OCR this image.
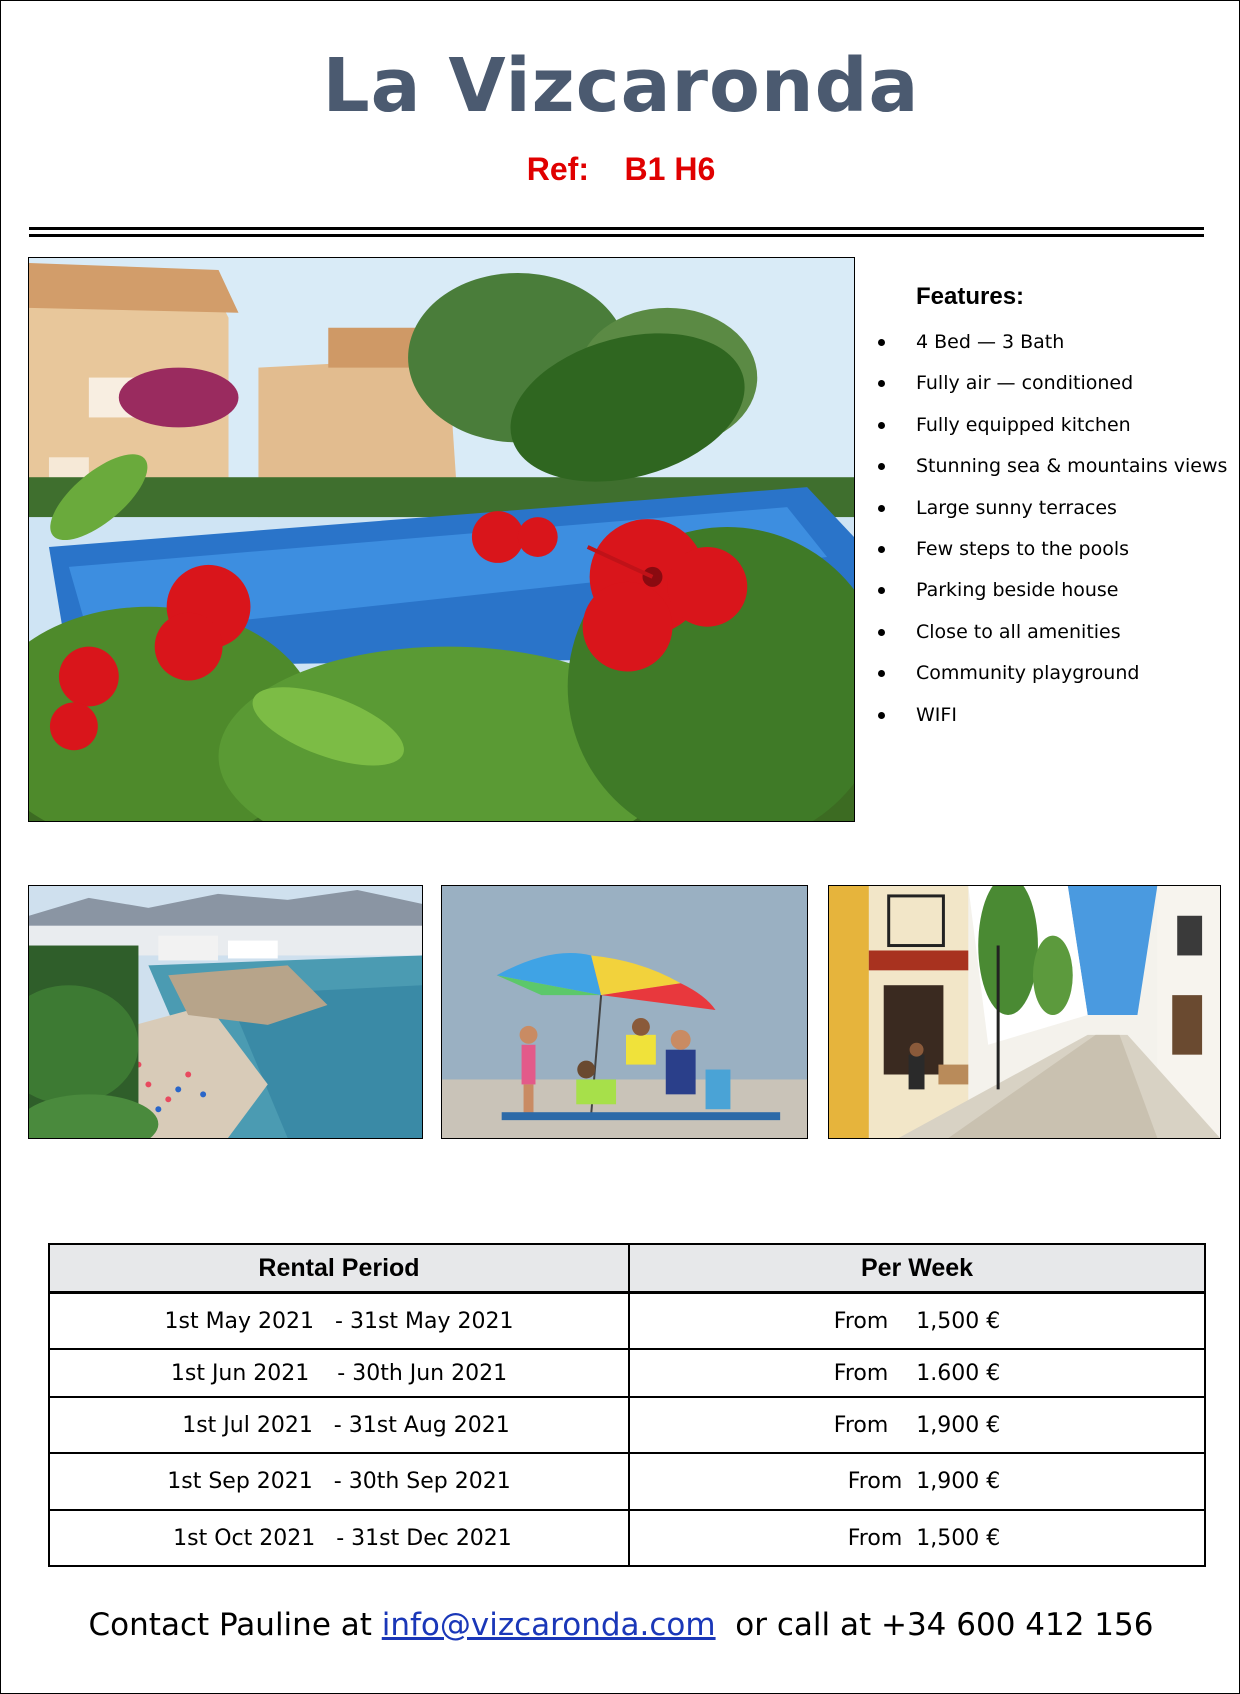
La Vizcaronda
Ref: B1 H6
Features:
4 Bed — 3 Bath
Fully air — conditioned
Fully equipped kitchen
Stunning sea & mountains views
Large sunny terraces
Few steps to the pools
Parking beside house
Close to all amenities
Community playground
WIFI
Rental Period	Per Week
1st May 2021   - 31st May 2021	From    1,500 €
1st Jun 2021    - 30th Jun 2021	From    1.600 €
1st Jul 2021   - 31st Aug 2021	From    1,900 €
1st Sep 2021   - 30th Sep 2021	From  1,900 €
1st Oct 2021   - 31st Dec 2021	From  1,500 €
Contact Pauline at info@vizcaronda.com  or call at +34 600 412 156
